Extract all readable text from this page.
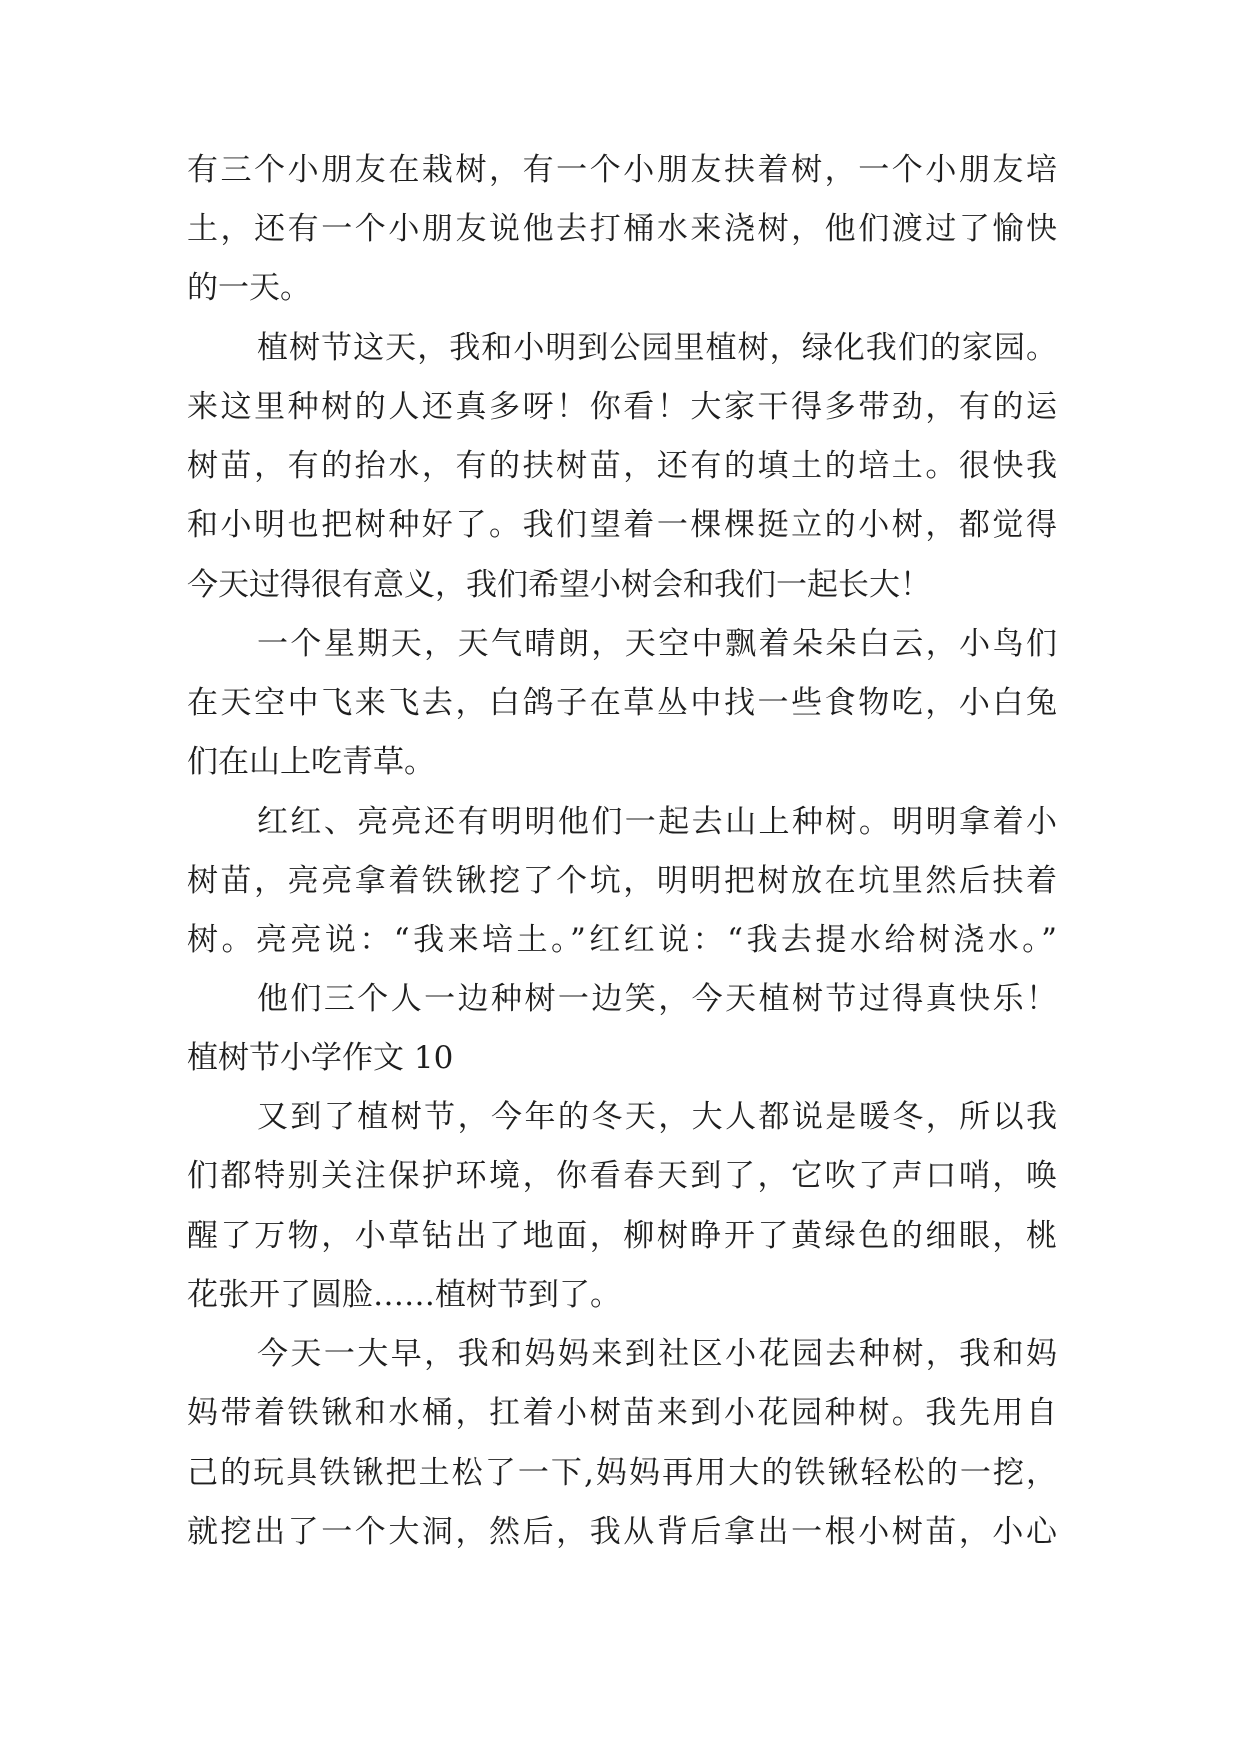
有三个小朋友在栽树，有一个小朋友扶着树，一个小朋友培
土，还有一个小朋友说他去打桶水来浇树，他们渡过了愉快
的一天。
植树节这天，我和小明到公园里植树，绿化我们的家园。
来这里种树的人还真多呀！你看！大家干得多带劲，有的运
树苗，有的抬水，有的扶树苗，还有的填土的培土。很快我
和小明也把树种好了。我们望着一棵棵挺立的小树，都觉得
今天过得很有意义，我们希望小树会和我们一起长大！
一个星期天，天气晴朗，天空中飘着朵朵白云，小鸟们
在天空中飞来飞去，白鸽子在草丛中找一些食物吃，小白兔
们在山上吃青草。
红红、亮亮还有明明他们一起去山上种树。明明拿着小
树苗，亮亮拿着铁锹挖了个坑，明明把树放在坑里然后扶着
树。亮亮说：“我来培土。”红红说：“我去提水给树浇水。”
他们三个人一边种树一边笑，今天植树节过得真快乐！
植树节小学作文 10
又到了植树节，今年的冬天，大人都说是暖冬，所以我
们都特别关注保护环境，你看春天到了，它吹了声口哨，唤
醒了万物，小草钻出了地面，柳树睁开了黄绿色的细眼，桃
花张开了圆脸……植树节到了。
今天一大早，我和妈妈来到社区小花园去种树，我和妈
妈带着铁锹和水桶，扛着小树苗来到小花园种树。我先用自
己的玩具铁锹把土松了一下,妈妈再用大的铁锹轻松的一挖，
就挖出了一个大洞，然后，我从背后拿出一根小树苗，小心
